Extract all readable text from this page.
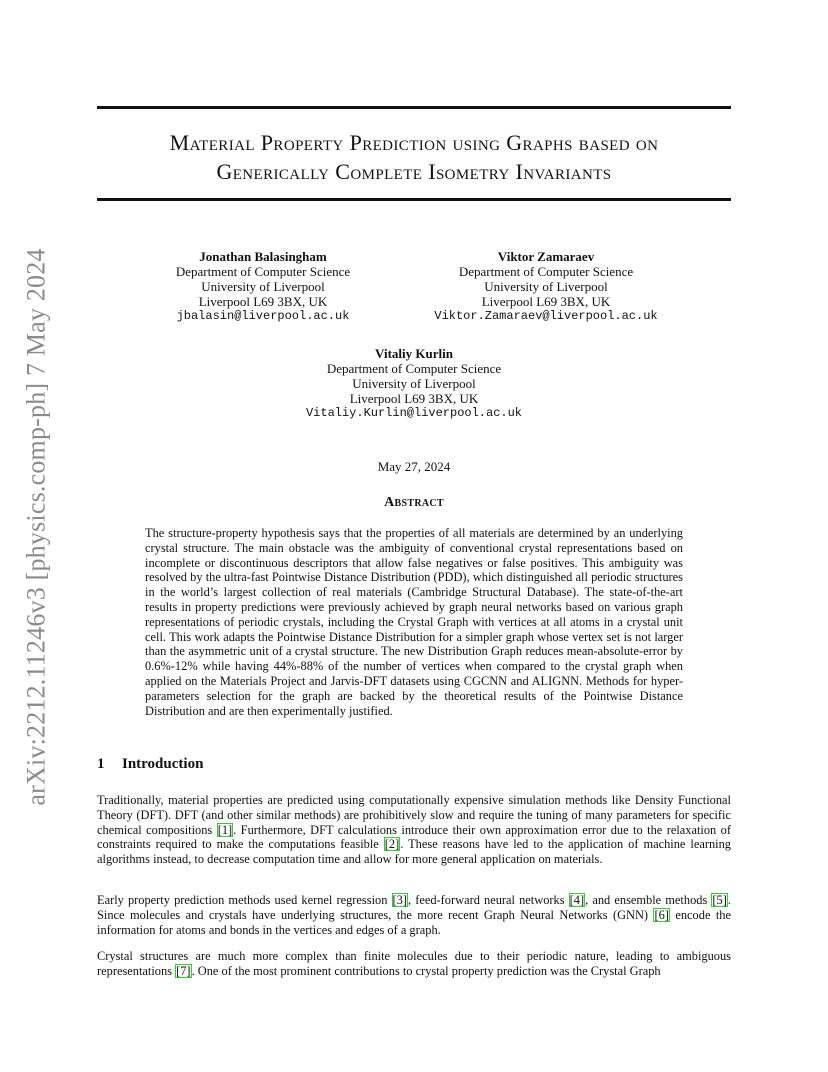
arXiv:2212.11246v3 [physics.comp-ph] 7 May 2024
Material Property Prediction using Graphs based on
Generically Complete Isometry Invariants
Jonathan Balasingham
Department of Computer Science
University of Liverpool
Liverpool L69 3BX, UK
jbalasin@liverpool.ac.uk
Viktor Zamaraev
Department of Computer Science
University of Liverpool
Liverpool L69 3BX, UK
Viktor.Zamaraev@liverpool.ac.uk
Vitaliy Kurlin
Department of Computer Science
University of Liverpool
Liverpool L69 3BX, UK
Vitaliy.Kurlin@liverpool.ac.uk
May 27, 2024
Abstract
The structure-property hypothesis says that the properties of all materials are determined by an underlying crystal structure. The main obstacle was the ambiguity of conventional crystal representations based on incomplete or discontinuous descriptors that allow false negatives or false positives. This ambiguity was resolved by the ultra-fast Pointwise Distance Distribution (PDD), which distinguished all periodic structures in the world’s largest collection of real materials (Cambridge Structural Database). The state-of-the-art results in property predictions were previously achieved by graph neural networks based on various graph representations of periodic crystals, including the Crystal Graph with vertices at all atoms in a crystal unit cell. This work adapts the Pointwise Distance Distribution for a simpler graph whose vertex set is not larger than the asymmetric unit of a crystal structure. The new Distribution Graph reduces mean-absolute-error by 0.6%-12% while having 44%-88% of the number of vertices when compared to the crystal graph when applied on the Materials Project and Jarvis-DFT datasets using CGCNN and ALIGNN. Methods for hyper-parameters selection for the graph are backed by the theoretical results of the Pointwise Distance Distribution and are then experimentally justified.
1 Introduction

Traditionally, material properties are predicted using computationally expensive simulation methods like Density Functional Theory (DFT). DFT (and other similar methods) are prohibitively slow and require the tuning of many parameters for specific chemical compositions [1]. Furthermore, DFT calculations introduce their own approximation error due to the relaxation of constraints required to make the computations feasible [2]. These reasons have led to the application of machine learning algorithms instead, to decrease computation time and allow for more general application on materials.

Early property prediction methods used kernel regression [3], feed-forward neural networks [4], and ensemble methods [5]. Since molecules and crystals have underlying structures, the more recent Graph Neural Networks (GNN) [6] encode the information for atoms and bonds in the vertices and edges of a graph.

Crystal structures are much more complex than finite molecules due to their periodic nature, leading to ambiguous representations [7]. One of the most prominent contributions to crystal property prediction was the Crystal Graph
